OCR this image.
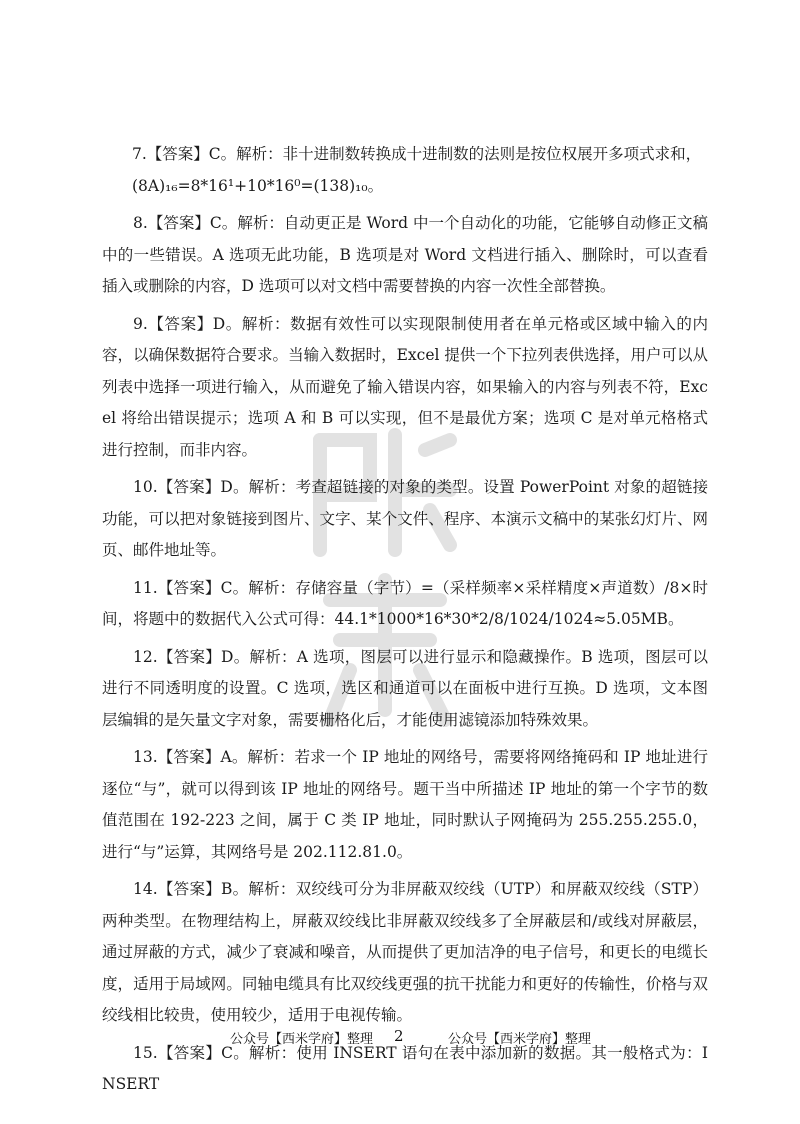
7.【答案】C。解析：非十进制数转换成十进制数的法则是按位权展开多项式求和，
(8A)₁₆=8*16¹+10*16⁰=(138)₁₀。

8.【答案】C。解析：自动更正是 Word 中一个自动化的功能，它能够自动修正文稿中的一些错误。A 选项无此功能，B 选项是对 Word 文档进行插入、删除时，可以查看插入或删除的内容，D 选项可以对文档中需要替换的内容一次性全部替换。

9.【答案】D。解析：数据有效性可以实现限制使用者在单元格或区域中输入的内容，以确保数据符合要求。当输入数据时，Excel 提供一个下拉列表供选择，用户可以从列表中选择一项进行输入，从而避免了输入错误内容，如果输入的内容与列表不符，Excel 将给出错误提示；选项 A 和 B 可以实现，但不是最优方案；选项 C 是对单元格格式进行控制，而非内容。

10.【答案】D。解析：考查超链接的对象的类型。设置 PowerPoint 对象的超链接功能，可以把对象链接到图片、文字、某个文件、程序、本演示文稿中的某张幻灯片、网页、邮件地址等。

11.【答案】C。解析：存储容量（字节）=（采样频率×采样精度×声道数）/8×时间，将题中的数据代入公式可得：44.1*1000*16*30*2/8/1024/1024≈5.05MB。

12.【答案】D。解析：A 选项，图层可以进行显示和隐藏操作。B 选项，图层可以进行不同透明度的设置。C 选项，选区和通道可以在面板中进行互换。D 选项，文本图层编辑的是矢量文字对象，需要栅格化后，才能使用滤镜添加特殊效果。

13.【答案】A。解析：若求一个 IP 地址的网络号，需要将网络掩码和 IP 地址进行逐位“与”，就可以得到该 IP 地址的网络号。题干当中所描述 IP 地址的第一个字节的数值范围在 192-223 之间，属于 C 类 IP 地址，同时默认子网掩码为 255.255.255.0，进行“与”运算，其网络号是 202.112.81.0。

14.【答案】B。解析：双绞线可分为非屏蔽双绞线（UTP）和屏蔽双绞线（STP）两种类型。在物理结构上，屏蔽双绞线比非屏蔽双绞线多了全屏蔽层和/或线对屏蔽层，通过屏蔽的方式，减少了衰减和噪音，从而提供了更加洁净的电子信号，和更长的电缆长度，适用于局域网。同轴电缆具有比双绞线更强的抗干扰能力和更好的传输性，价格与双绞线相比较贵，使用较少，适用于电视传输。

15.【答案】C。解析：使用 INSERT 语句在表中添加新的数据。其一般格式为：INSERT

公众号【西米学府】整理 2	公众号【西米学府】整理
